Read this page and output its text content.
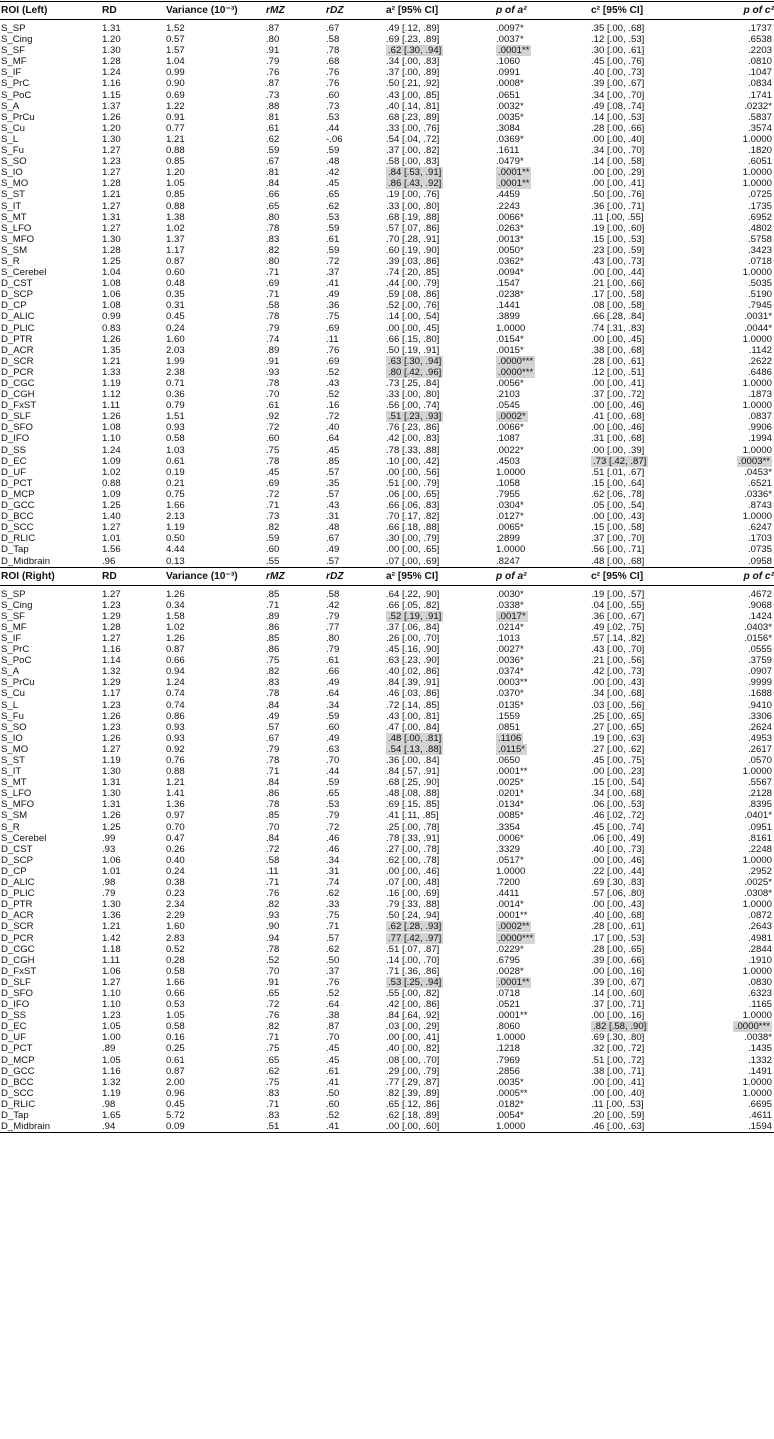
ROI (Left)	RD	Variance (10⁻³)	rMZ	rDZ	a² [95% CI]	p of a²	c² [95% CI]	p of c²
S_SP	1.31	1.52	.87	.67	.49 [.12, .89]	.0097*	.35 [.00, .68]	.1737
S_Cing	1.20	0.57	.80	.58	.69 [.23, .89]	.0037*	.12 [.00, .53]	.6538
S_SF	1.30	1.57	.91	.78	.62 [.30, .94]	.0001**	.30 [.00, .61]	.2203
S_MF	1.28	1.04	.79	.68	.34 [.00, .83]	.1060	.45 [.00, .76]	.0810
S_IF	1.24	0.99	.76	.76	.37 [.00, .89]	.0991	.40 [.00, .73]	.1047
S_PrC	1.16	0.90	.87	.76	.50 [.21, .92]	.0008*	.39 [.00, .67]	.0834
S_PoC	1.15	0.69	.73	.60	.43 [.00, .85]	.0651	.34 [.00, .70]	.1741
S_A	1.37	1.22	.88	.73	.40 [.14, .81]	.0032*	.49 [.08, .74]	.0232*
S_PrCu	1.26	0.91	.81	.53	.68 [.23, .89]	.0035*	.14 [.00, .53]	.5837
S_Cu	1.20	0.77	.61	.44	.33 [.00, .76]	.3084	.28 [.00, .66]	.3574
S_L	1.30	1.21	.62	-.06	.54 [.04, .72]	.0369*	.00 [.00, .40]	1.0000
S_Fu	1.27	0.88	.59	.59	.37 [.00, .82]	.1611	.34 [.00, .70]	.1820
S_SO	1.23	0.85	.67	.48	.58 [.00, .83]	.0479*	.14 [.00, .58]	.6051
S_IO	1.27	1.20	.81	.42	.84 [.53, .91]	.0001**	.00 [.00, .29]	1.0000
S_MO	1.28	1.05	.84	.45	.86 [.43, .92]	.0001**	.00 [.00, .41]	1.0000
S_ST	1.21	0.85	.66	.65	.19 [.00, .76]	.4459	.50 [.00, .76]	.0725
S_IT	1.27	0.88	.65	.62	.33 [.00, .80]	.2243	.36 [.00, .71]	.1735
S_MT	1.31	1.38	.80	.53	.68 [.19, .88]	.0066*	.11 [.00, .55]	.6952
S_LFO	1.27	1.02	.78	.59	.57 [.07, .86]	.0263*	.19 [.00, .60]	.4802
S_MFO	1.30	1.37	.83	.61	.70 [.28, .91]	.0013*	.15 [.00, .53]	.5758
S_SM	1.28	1.17	.82	.59	.60 [.19, .90]	.0050*	.23 [.00, .59]	.3423
S_R	1.25	0.87	.80	.72	.39 [.03, .86]	.0362*	.43 [.00, .73]	.0718
S_Cerebel	1.04	0.60	.71	.37	.74 [.20, .85]	.0094*	.00 [.00, .44]	1.0000
D_CST	1.08	0.48	.69	.41	.44 [.00, .79]	.1547	.21 [.00, .66]	.5035
D_SCP	1.06	0.35	.71	.49	.59 [.08, .86]	.0238*	.17 [.00, .58]	.5190
D_CP	1.08	0.31	.58	.36	.52 [.00, .76]	.1441	.08 [.00, .58]	.7945
D_ALIC	0.99	0.45	.78	.75	.14 [.00, .54]	.3899	.66 [.28, .84]	.0031*
D_PLIC	0.83	0.24	.79	.69	.00 [.00, .45]	1.0000	.74 [.31, .83]	.0044*
D_PTR	1.26	1.60	.74	.11	.66 [.15, .80]	.0154*	.00 [.00, .45]	1.0000
D_ACR	1.35	2.03	.89	.76	.50 [.19, .91]	.0015*	.38 [.00, .68]	.1142
D_SCR	1.21	1.99	.91	.69	.63 [.30, .94]	.0000***	.28 [.00, .61]	.2622
D_PCR	1.33	2.38	.93	.52	.80 [.42, .96]	.0000***	.12 [.00, .51]	.6486
D_CGC	1.19	0.71	.78	.43	.73 [.25, .84]	.0056*	.00 [.00, .41]	1.0000
D_CGH	1.12	0.36	.70	.52	.33 [.00, .80]	.2103	.37 [.00, .72]	.1873
D_FxST	1.11	0.79	.61	.16	.56 [.00, .74]	.0545	.00 [.00, .46]	1.0000
D_SLF	1.26	1.51	.92	.72	.51 [.23, .93]	.0002*	.41 [.00, .68]	.0837
D_SFO	1.08	0.93	.72	.40	.76 [.23, .86]	.0066*	.00 [.00, .46]	.9906
D_IFO	1.10	0.58	.60	.64	.42 [.00, .83]	.1087	.31 [.00, .68]	.1994
D_SS	1.24	1.03	.75	.45	.78 [.33, .88]	.0022*	.00 [.00, .39]	1.0000
D_EC	1.09	0.61	.78	.85	.10 [.00, .42]	.4503	.73 [.42, .87]	.0003**
D_UF	1.02	0.19	.45	.57	.00 [.00, .56]	1.0000	.51 [.01, .67]	.0453*
D_PCT	0.88	0.21	.69	.35	.51 [.00, .79]	.1058	.15 [.00, .64]	.6521
D_MCP	1.09	0.75	.72	.57	.06 [.00, .65]	.7955	.62 [.06, .78]	.0336*
D_GCC	1.25	1.66	.71	.43	.66 [.06, .83]	.0304*	.05 [.00, .54]	.8743
D_BCC	1.40	2.13	.73	.31	.70 [.17, .82]	.0127*	.00 [.00, .43]	1.0000
D_SCC	1.27	1.19	.82	.48	.66 [.18, .88]	.0065*	.15 [.00, .58]	.6247
D_RLIC	1.01	0.50	.59	.67	.30 [.00, .79]	.2899	.37 [.00, .70]	.1703
D_Tap	1.56	4.44	.60	.49	.00 [.00, .65]	1.0000	.56 [.00, .71]	.0735
D_Midbrain	.96	0.13	.55	.57	.07 [.00, .69]	.8247	.48 [.00, .68]	.0958
ROI (Right)	RD	Variance (10⁻³)	rMZ	rDZ	a² [95% CI]	p of a²	c² [95% CI]	p of c²
S_SP	1.27	1.26	.85	.58	.64 [.22, .90]	.0030*	.19 [.00, .57]	.4672
S_Cing	1.23	0.34	.71	.42	.66 [.05, .82]	.0338*	.04 [.00, .55]	.9068
S_SF	1.29	1.58	.89	.79	.52 [.19, .91]	.0017*	.36 [.00, .67]	.1424
S_MF	1.28	1.02	.86	.77	.37 [.06, .84]	.0214*	.49 [.02, .75]	.0403*
S_IF	1.27	1.26	.85	.80	.26 [.00, .70]	.1013	.57 [.14, .82]	.0156*
S_PrC	1.16	0.87	.86	.79	.45 [.16, .90]	.0027*	.43 [.00, .70]	.0555
S_PoC	1.14	0.66	.75	.61	.63 [.23, .90]	.0036*	.21 [.00, .56]	.3759
S_A	1.32	0.94	.82	.66	.40 [.02, .86]	.0374*	.42 [.00, .73]	.0907
S_PrCu	1.29	1.24	.83	.49	.84 [.39, .91]	.0003**	.00 [.00, .43]	.9999
S_Cu	1.17	0.74	.78	.64	.46 [.03, .86]	.0370*	.34 [.00, .68]	.1688
S_L	1.23	0.74	.84	.34	.72 [.14, .85]	.0135*	.03 [.00, .56]	.9410
S_Fu	1.26	0.86	.49	.59	.43 [.00, .81]	.1559	.25 [.00, .65]	.3306
S_SO	1.23	0.93	.57	.60	.47 [.00, .84]	.0851	.27 [.00, .65]	.2624
S_IO	1.26	0.93	.67	.49	.48 [.00, .81]	.1106	.19 [.00, .63]	.4953
S_MO	1.27	0.92	.79	.63	.54 [.13, .88]	.0115*	.27 [.00, .62]	.2617
S_ST	1.19	0.76	.78	.70	.36 [.00, .84]	.0650	.45 [.00, .75]	.0570
S_IT	1.30	0.88	.71	.44	.84 [.57, .91]	.0001**	.00 [.00, .23]	1.0000
S_MT	1.31	1.21	.84	.59	.68 [.25, .90]	.0025*	.15 [.00, .54]	.5567
S_LFO	1.30	1.41	.86	.65	.48 [.08, .88]	.0201*	.34 [.00, .68]	.2128
S_MFO	1.31	1.36	.78	.53	.69 [.15, .85]	.0134*	.06 [.00, .53]	.8395
S_SM	1.26	0.97	.85	.79	.41 [.11, .85]	.0085*	.46 [.02, .72]	.0401*
S_R	1.25	0.70	.70	.72	.25 [.00, .78]	.3354	.45 [.00, .74]	.0951
S_Cerebel	.99	0.47	.84	.46	.78 [.33, .91]	.0006*	.06 [.00, .49]	.8161
D_CST	.93	0.26	.72	.46	.27 [.00, .78]	.3329	.40 [.00, .73]	.2248
D_SCP	1.06	0.40	.58	.34	.62 [.00, .78]	.0517*	.00 [.00, .46]	1.0000
D_CP	1.01	0.24	.11	.31	.00 [.00, .46]	1.0000	.22 [.00, .44]	.2952
D_ALIC	.98	0.38	.71	.74	.07 [.00, .48]	.7200	.69 [.30, .83]	.0025*
D_PLIC	.79	0.23	.76	.62	.16 [.00, .69]	.4411	.57 [.06, .80]	.0308*
D_PTR	1.30	2.34	.82	.33	.79 [.33, .88]	.0014*	.00 [.00, .43]	1.0000
D_ACR	1.36	2.29	.93	.75	.50 [.24, .94]	.0001**	.40 [.00, .68]	.0872
D_SCR	1.21	1.60	.90	.71	.62 [.28, .93]	.0002**	.28 [.00, .61]	.2643
D_PCR	1.42	2.83	.94	.57	.77 [.42, .97]	.0000***	.17 [.00, .53]	.4981
D_CGC	1.18	0.52	.78	.62	.51 [.07, .87]	.0229*	.28 [.00, .65]	.2844
D_CGH	1.11	0.28	.52	.50	.14 [.00, .70]	.6795	.39 [.00, .66]	.1910
D_FxST	1.06	0.58	.70	.37	.71 [.36, .86]	.0028*	.00 [.00, .16]	1.0000
D_SLF	1.27	1.66	.91	.76	.53 [.25, .94]	.0001**	.39 [.00, .67]	.0830
D_SFO	1.10	0.66	.65	.52	.55 [.00, .82]	.0718	.14 [.00, .60]	.6323
D_IFO	1.10	0.53	.72	.64	.42 [.00, .86]	.0521	.37 [.00, .71]	.1165
D_SS	1.23	1.05	.76	.38	.84 [.64, .92]	.0001**	.00 [.00, .16]	1.0000
D_EC	1.05	0.58	.82	.87	.03 [.00, .29]	.8060	.82 [.58, .90]	.0000***
D_UF	1.00	0.16	.71	.70	.00 [.00, .41]	1.0000	.69 [.30, .80]	.0038*
D_PCT	.89	0.25	.75	.45	.40 [.00, .82]	.1218	.32 [.00, .72]	.1435
D_MCP	1.05	0.61	.65	.45	.08 [.00, .70]	.7969	.51 [.00, .72]	.1332
D_GCC	1.16	0.87	.62	.61	.29 [.00, .79]	.2856	.38 [.00, .71]	.1491
D_BCC	1.32	2.00	.75	.41	.77 [.29, .87]	.0035*	.00 [.00, .41]	1.0000
D_SCC	1.19	0.96	.83	.50	.82 [.39, .89]	.0005**	.00 [.00, .40]	1.0000
D_RLIC	.98	0.45	.71	.60	.65 [.12, .86]	.0182*	.11 [.00, .53]	.6695
D_Tap	1.65	5.72	.83	.52	.62 [.18, .89]	.0054*	.20 [.00, .59]	.4611
D_Midbrain	.94	0.09	.51	.41	.00 [.00, .60]	1.0000	.46 [.00, .63]	.1594
